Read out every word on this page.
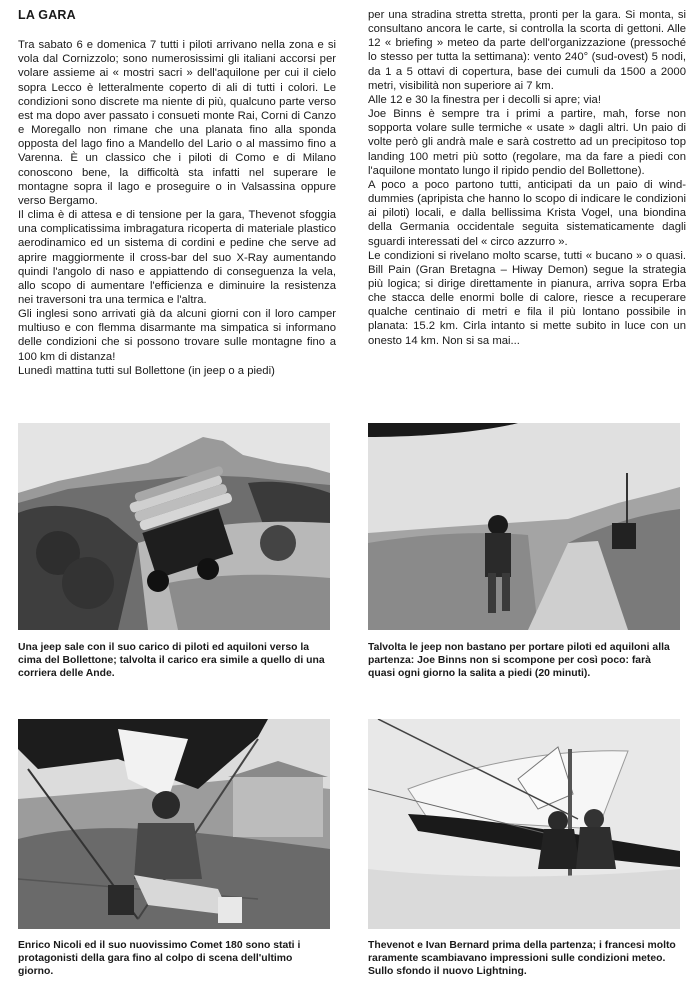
LA GARA

Tra sabato 6 e domenica 7 tutti i piloti arrivano nella zona e si vola dal Cornizzolo; sono numerosissimi gli italiani accorsi per volare assieme ai « mostri sacri » dell'aquilone per cui il cielo sopra Lecco è letteralmente coperto di ali di tutti i colori. Le condizioni sono discrete ma niente di più, qualcuno parte verso est ma dopo aver passato i consueti monte Rai, Corni di Canzo e Moregallo non rimane che una planata fino alla sponda opposta del lago fino a Mandello del Lario o al massimo fino a Varenna. È un classico che i piloti di Como e di Milano conoscono bene, la difficoltà sta infatti nel superare le montagne sopra il lago e proseguire o in Valsassina oppure verso Bergamo.

Il clima è di attesa e di tensione per la gara, Thevenot sfoggia una complicatissima imbragatura ricoperta di materiale plastico aerodinamico ed un sistema di cordini e pedine che serve ad aprire maggiormente il cross-bar del suo X-Ray aumentando quindi l'angolo di naso e appiattendo di conseguenza la vela, allo scopo di aumentare l'efficienza e diminuire la resistenza nei traversoni tra una termica e l'altra.

Gli inglesi sono arrivati già da alcuni giorni con il loro camper multiuso e con flemma disarmante ma simpatica si informano delle condizioni che si possono trovare sulle montagne fino a 100 km di distanza!

Lunedì mattina tutti sul Bollettone (in jeep o a piedi)

per una stradina stretta stretta, pronti per la gara. Si monta, si consultano ancora le carte, si controlla la scorta di gettoni. Alle 12 « briefing » meteo da parte dell'organizzazione (pressoché lo stesso per tutta la settimana): vento 240° (sud-ovest) 5 nodi, da 1 a 5 ottavi di copertura, base dei cumuli da 1500 a 2000 metri, visibilità non superiore ai 7 km.

Alle 12 e 30 la finestra per i decolli si apre; via!

Joe Binns è sempre tra i primi a partire, mah, forse non sopporta volare sulle termiche « usate » dagli altri. Un paio di volte però gli andrà male e sarà costretto ad un precipitoso top landing 100 metri più sotto (regolare, ma da fare a piedi con l'aquilone montato lungo il ripido pendio del Bollettone).

A poco a poco partono tutti, anticipati da un paio di wind-dummies (apripista che hanno lo scopo di indicare le condizioni ai piloti) locali, e dalla bellissima Krista Vogel, una biondina della Germania occidentale seguita sistematicamente dagli sguardi interessati del « circo azzurro ».

Le condizioni si rivelano molto scarse, tutti « bucano » o quasi. Bill Pain (Gran Bretagna – Hiway Demon) segue la strategia più logica; si dirige direttamente in pianura, arriva sopra Erba che stacca delle enormi bolle di calore, riesce a recuperare qualche centinaio di metri e fila il più lontano possibile in planata: 15.2 km. Cirla intanto si mette subito in luce con un onesto 14 km. Non si sa mai...

Una jeep sale con il suo carico di piloti ed aquiloni verso la cima del Bollettone; talvolta il carico era simile a quello di una corriera delle Ande.

Talvolta le jeep non bastano per portare piloti ed aquiloni alla partenza: Joe Binns non si scompone per così poco: farà quasi ogni giorno la salita a piedi (20 minuti).

Enrico Nicoli ed il suo nuovissimo Comet 180 sono stati i protagonisti della gara fino al colpo di scena dell'ultimo giorno.

Thevenot e Ivan Bernard prima della partenza; i francesi molto raramente scambiavano impressioni sulle condizioni meteo. Sullo sfondo il nuovo Lightning.
